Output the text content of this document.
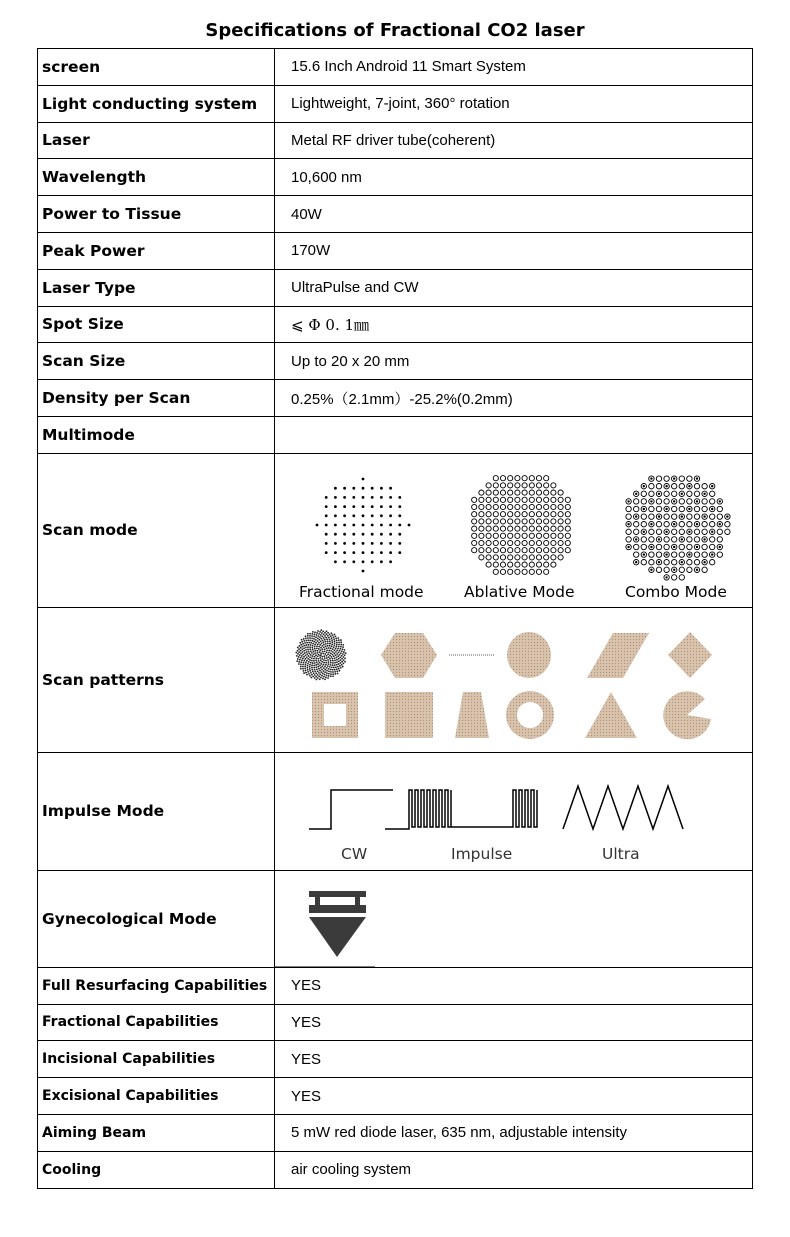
Specifications of Fractional CO2 laser
screen	15.6 Inch Android 11 Smart System
Light conducting system	Lightweight, 7-joint, 360° rotation
Laser	Metal RF driver tube(coherent)
Wavelength	10,600 nm
Power to Tissue	40W
Peak Power	170W
Laser Type	UltraPulse and CW
Spot Size	⩽ Φ 0. 1㎜
Scan Size	Up to 20 x 20 mm
Density per Scan	0.25%（2.1mm）-25.2%(0.2mm)
Multimode	
Scan mode	Fractional mode Ablative Mode Combo Mode

Scan patterns	

Impulse Mode	CW Impulse Ultra

Gynecological Mode	

Full Resurfacing Capabilities	YES
Fractional Capabilities	YES
Incisional Capabilities	YES
Excisional Capabilities	YES
Aiming Beam	5 mW red diode laser, 635 nm, adjustable intensity
Cooling	air cooling system
